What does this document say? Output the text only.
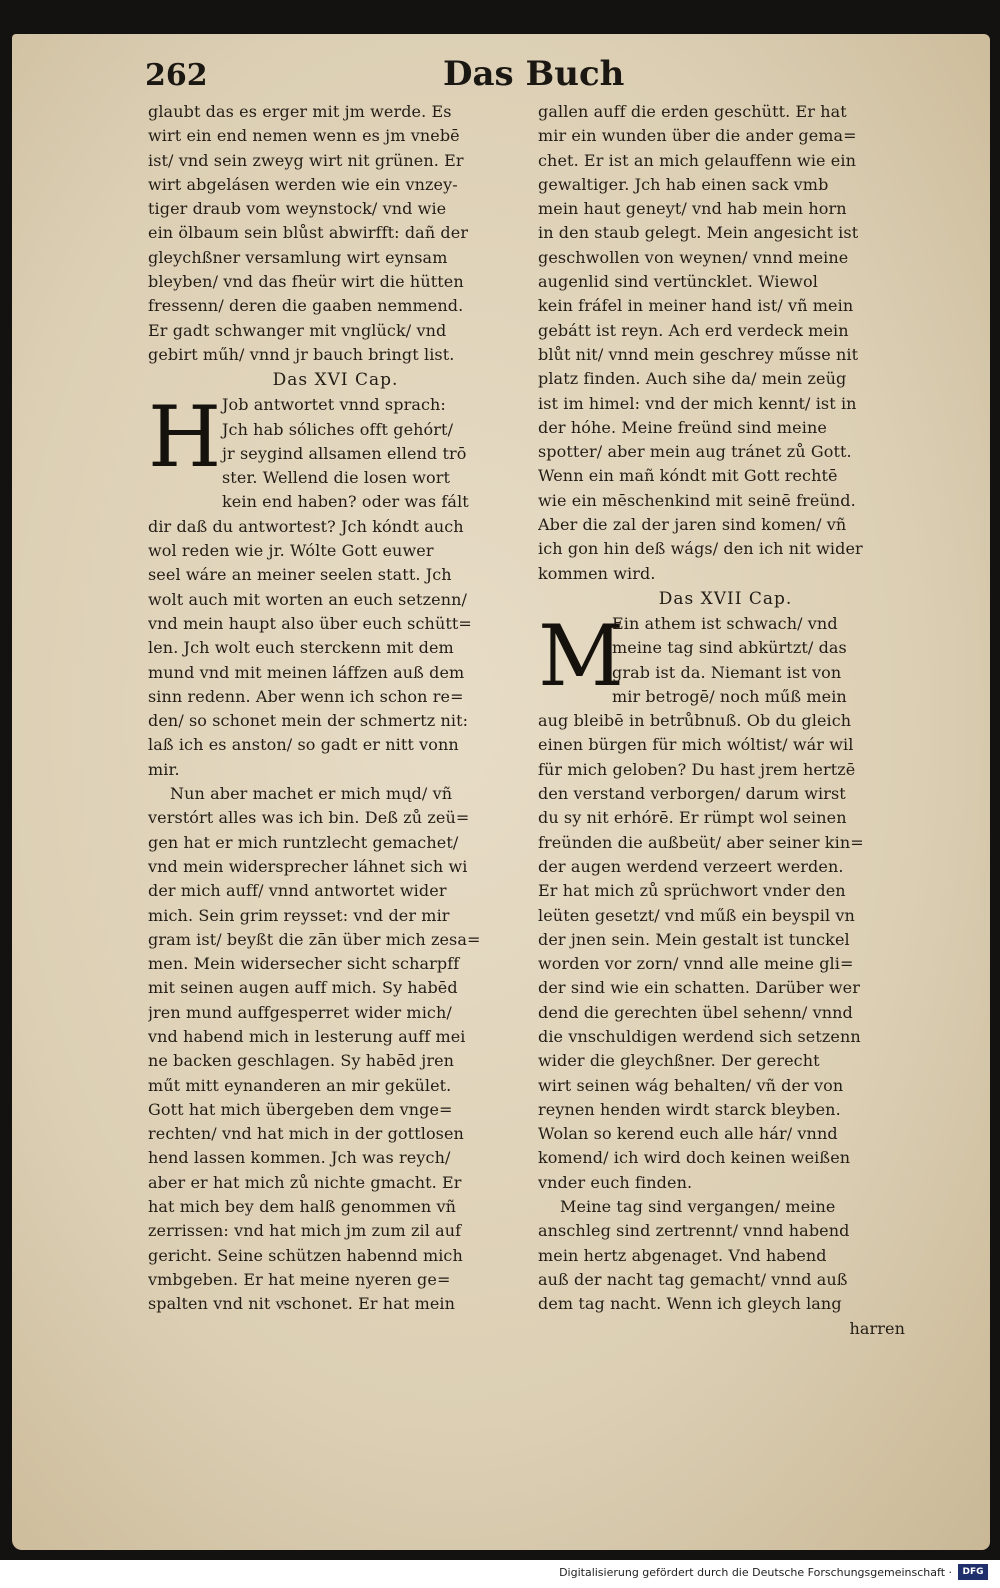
262	Das Buch
glaubt das es erger mit jm werde. Es
wirt ein end nemen wenn es jm vnebē
ist/ vnd sein zweyg wirt nit grünen. Er
wirt abgelásen werden wie ein vnzey-
tiger draub vom weynstock/ vnd wie
ein ölbaum sein blůst abwirfft: dañ der
gleychßner versamlung wirt eynsam
bleyben/ vnd das fheür wirt die hütten
fressenn/ deren die gaaben nemmend.
Er gadt schwanger mit vnglück/ vnd
gebirt műh/ vnnd jr bauch bringt list.
Das XVI Cap.
H Job antwortet vnnd sprach:
Jch hab sóliches offt gehórt/
jr seygind allsamen ellend trō
ster. Wellend die losen wort
kein end haben? oder was fált
dir daß du antwortest? Jch kóndt auch
wol reden wie jr. Wólte Gott euwer
seel wáre an meiner seelen statt. Jch
wolt auch mit worten an euch setzenn/
vnd mein haupt also über euch schütt=
len. Jch wolt euch sterckenn mit dem
mund vnd mit meinen láffzen auß dem
sinn redenn. Aber wenn ich schon re=
den/ so schonet mein der schmertz nit:
laß ich es anston/ so gadt er nitt vonn
mir.
Nun aber machet er mich mųd/ vñ
verstórt alles was ich bin. Deß zů zeü=
gen hat er mich runtzlecht gemachet/
vnd mein widersprecher láhnet sich wi
der mich auff/ vnnd antwortet wider
mich. Sein grim reysset: vnd der mir
gram ist/ beyßt die zān über mich zesa=
men. Mein widersecher sicht scharpff
mit seinen augen auff mich. Sy habēd
jren mund auffgesperret wider mich/
vnd habend mich in lesterung auff mei
ne backen geschlagen. Sy habēd jren
műt mitt eynanderen an mir gekület.
Gott hat mich übergeben dem vnge=
rechten/ vnd hat mich in der gottlosen
hend lassen kommen. Jch was reych/
aber er hat mich zů nichte gmacht. Er
hat mich bey dem halß genommen vñ
zerrissen: vnd hat mich jm zum zil auf
gericht. Seine schützen habennd mich
vmbgeben. Er hat meine nyeren ge=
spalten vnd nit vͤschonet. Er hat mein
gallen auff die erden geschütt. Er hat
mir ein wunden über die ander gema=
chet. Er ist an mich gelauffenn wie ein
gewaltiger. Jch hab einen sack vmb
mein haut geneyt/ vnd hab mein horn
in den staub gelegt. Mein angesicht ist
geschwollen von weynen/ vnnd meine
augenlid sind vertüncklet. Wiewol
kein fráfel in meiner hand ist/ vñ mein
gebátt ist reyn. Ach erd verdeck mein
blůt nit/ vnnd mein geschrey műsse nit
platz finden. Auch sihe da/ mein zeüg
ist im himel: vnd der mich kennt/ ist in
der hóhe. Meine freünd sind meine
spotter/ aber mein aug tránet zů Gott.
Wenn ein mañ kóndt mit Gott rechtē
wie ein mēschenkind mit seinē freünd.
Aber die zal der jaren sind komen/ vñ
ich gon hin deß wágs/ den ich nit wider
kommen wird.
Das XVII Cap.
M
Ein athem ist schwach/ vnd
meine tag sind abkürtzt/ das
grab ist da. Niemant ist von
mir betrogē/ noch műß mein
aug bleibē in betrůbnuß. Ob du gleich
einen bürgen für mich wóltist/ wár wil
für mich geloben? Du hast jrem hertzē
den verstand verborgen/ darum wirst
du sy nit erhórē. Er rümpt wol seinen
freünden die außbeüt/ aber seiner kin=
der augen werdend verzeert werden.
Er hat mich zů sprüchwort vnder den
leüten gesetzt/ vnd műß ein beyspil vn
der jnen sein. Mein gestalt ist tunckel
worden vor zorn/ vnnd alle meine gli=
der sind wie ein schatten. Darüber wer
dend die gerechten übel sehenn/ vnnd
die vnschuldigen werdend sich setzenn
wider die gleychßner. Der gerecht
wirt seinen wág behalten/ vñ der von
reynen henden wirdt starck bleyben.
Wolan so kerend euch alle hár/ vnnd
komend/ ich wird doch keinen weißen
vnder euch finden.
Meine tag sind vergangen/ meine
anschleg sind zertrennt/ vnnd habend
mein hertz abgenaget. Vnd habend
auß der nacht tag gemacht/ vnnd auß
dem tag nacht. Wenn ich gleych lang
harren
Digitalisierung gefördert durch die Deutsche Forschungsgemeinschaft ·	DFG
